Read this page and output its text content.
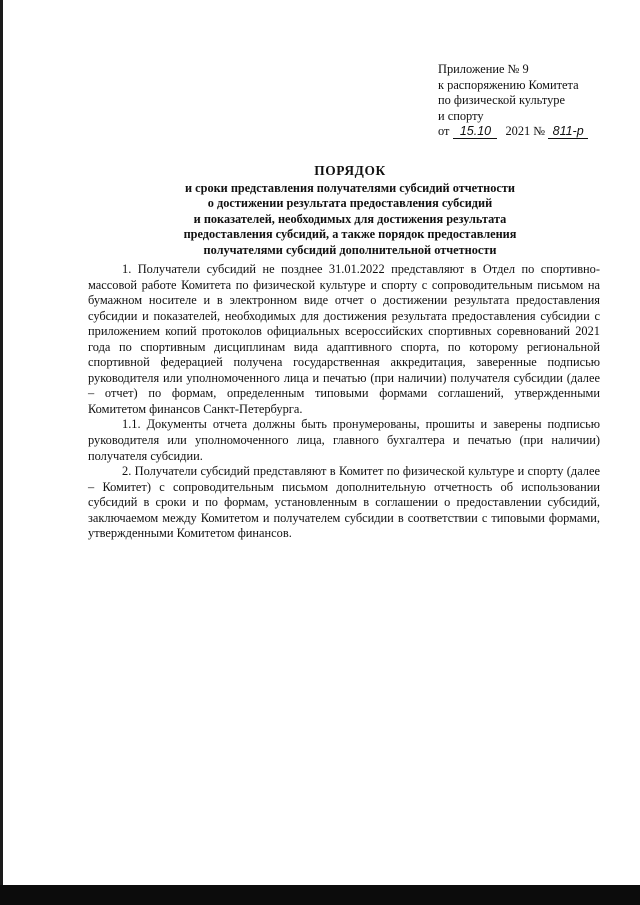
Приложение № 9
к распоряжению Комитета
по физической культуре
и спорту
от 15.10 2021 № 811-р
ПОРЯДОК
и сроки представления получателями субсидий отчетности
о достижении результата предоставления субсидий
и показателей, необходимых для достижения результата
предоставления субсидий, а также порядок предоставления
получателями субсидий дополнительной отчетности

1. Получатели субсидий не позднее 31.01.2022 представляют в Отдел по спортивно-массовой работе Комитета по физической культуре и спорту с сопроводительным письмом на бумажном носителе и в электронном виде отчет о достижении результата предоставления субсидии и показателей, необходимых для достижения результата предоставления субсидии с приложением копий протоколов официальных всероссийских спортивных соревнований 2021 года по спортивным дисциплинам вида адаптивного спорта, по которому региональной спортивной федерацией получена государственная аккредитация, заверенные подписью руководителя или уполномоченного лица и печатью (при наличии) получателя субсидии (далее – отчет) по формам, определенным типовыми формами соглашений, утвержденными Комитетом финансов Санкт-Петербурга.

1.1. Документы отчета должны быть пронумерованы, прошиты и заверены подписью руководителя или уполномоченного лица, главного бухгалтера и печатью (при наличии) получателя субсидии.

2. Получатели субсидий представляют в Комитет по физической культуре и спорту (далее – Комитет) с сопроводительным письмом дополнительную отчетность об использовании субсидий в сроки и по формам, установленным в соглашении о предоставлении субсидий, заключаемом между Комитетом и получателем субсидии в соответствии с типовыми формами, утвержденными Комитетом финансов.
